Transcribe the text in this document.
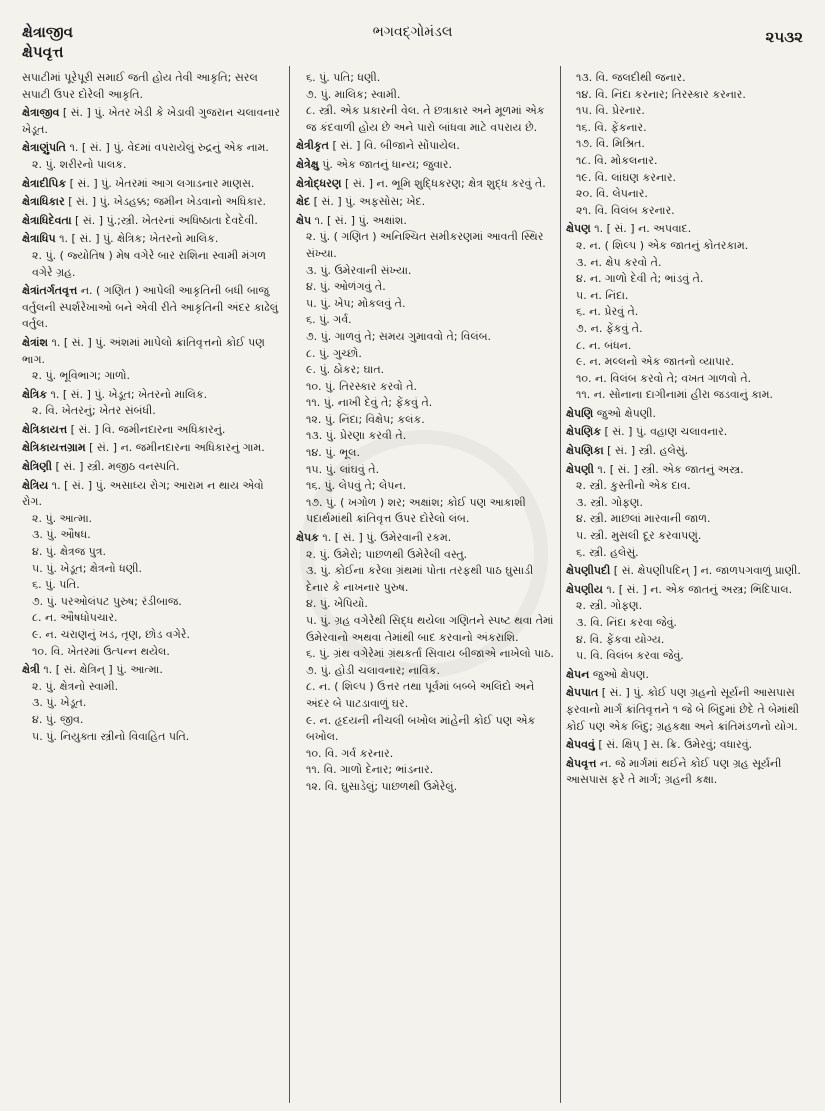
ક્ષેત્રાજીવ
ક્ષેપવૃત્ત
ભગવદ્ગોમંડલ	૨૫૩૨
સપાટીમાં પૂરેપૂરી સમાઈ જતી હોય તેવી આકૃતિ; સરલ સપાટી ઉપર દોરેલી આકૃતિ.
ક્ષેત્રાજીવ [ સં. ] પું. ખેતર ખેડી કે ખેડાવી ગુજરાન ચલાવનાર ખેડૂત.
ક્ષેત્રાણુંપતિ ૧. [ સં. ] પું. વેદમાં વપરાયેલું રુદ્રનું એક નામ.
૨. પું. શરીરનો પાલક.
ક્ષેત્રાદીપિક [ સં. ] પું. ખેતરમાં આગ લગાડનાર માણસ.
ક્ષેત્રાધિકાર [ સં. ] પું. ખેડહક્ક; જમીન ખેડવાનો અધિકાર.
ક્ષેત્રાધિદેવતા [ સં. ] પું.;સ્ત્રી. ખેતરનાં અધિષ્ઠાતા દેવદેવી.
ક્ષેત્રાધિપ ૧. [ સં. ] પું. ક્ષેત્રિક; ખેતરનો માલિક.
૨. પું. ( જ્યોતિષ ) મેષ વગેરે બાર રાશિના સ્વામી મંગળ વગેરે ગ્રહ.
ક્ષેત્રાંતર્ગતવૃત્ત ન. ( ગણિત ) આપેલી આકૃતિની બધી બાજુ વર્તુલની સ્પર્શરેખાઓ બને એવી રીતે આકૃતિની અંદર કાઢેલું વર્તુલ.
ક્ષેત્રાંશ ૧. [ સં. ] પું. અંશમાં માપેલો ક્રાંતિવૃત્તનો કોઈ પણ ભાગ.
૨. પું. ભૂવિભાગ; ગાળો.
ક્ષેત્રિક ૧. [ સં. ] પું. ખેડૂત; ખેતરનો માલિક.
૨. વિ. ખેતરનું; ખેતર સંબંધી.
ક્ષેત્રિકાયત્ત [ સં. ] વિ. જમીનદારના અધિકારનું.
ક્ષેત્રિકાયત્તગ્રામ [ સં. ] ન. જમીનદારના અધિકારનું ગામ.
ક્ષેત્રિણી [ સં. ] સ્ત્રી. મજીઠ વનસ્પતિ.
ક્ષેત્રિય ૧. [ સં. ] પું. અસાધ્ય રોગ; આરામ ન થાય એવો રોગ.
૨. પું. આત્મા.
૩. પું. ઔષધ.
૪. પું. ક્ષેત્રજ પુત્ર.
૫. પું. ખેડૂત; ક્ષેત્રનો ધણી.
૬. પું. પતિ.
૭. પું. પરઓલંપટ પુરુષ; રંડીબાજ.
૮. ન. ઔષધોપચાર.
૯. ન. ચરાણનું ખડ, તૃણ, છોડ વગેરે.
૧૦. વિ. ખેતરમાં ઉત્પન્ન થયેલ.
ક્ષેત્રી ૧. [ સં. ક્ષેત્રિન્ ] પું. આત્મા.
૨. પું. ક્ષેત્રનો સ્વામી.
૩. પું. ખેડૂત.
૪. પું. જીવ.
૫. પું. નિયુક્તા સ્ત્રીનો વિવાહિત પતિ.
૬. પું. પતિ; ધણી.
૭. પું. માલિક; સ્વામી.
૮. સ્ત્રી. એક પ્રકારની વેલ. તે છત્રાકાર અને મૂળમાં એક જ કંદવાળી હોય છે અને પારો બાંધવા માટે વપરાય છે.
ક્ષેત્રીકૃત [ સં. ] વિ. બીજાને સોંપાયેલ.
ક્ષેત્રેક્ષુ પું. એક જાતનું ધાન્ય; જુવાર.
ક્ષેત્રોદ્ધરણ [ સં. ] ન. ભૂમિ શુદ્ધિકરણ; ક્ષેત્ર શુદ્ધ કરવું તે.
ક્ષેદ [ સં. ] પું. અફસોસ; ખેદ.
ક્ષેપ ૧. [ સં. ] પું. અક્ષાંશ.
૨. પું. ( ગણિત ) અનિશ્ચિત સમીકરણમાં આવતી સ્થિર સંખ્યા.
૩. પું. ઉમેરવાની સંખ્યા.
૪. પું. ઓળંગવું તે.
૫. પું. ખેપ; મોકલવું તે.
૬. પું. ગર્વ.
૭. પું. ગાળવું તે; સમય ગુમાવવો તે; વિલંબ.
૮. પું. ગુચ્છો.
૯. પું. ઠોકર; ઘાત.
૧૦. પું. તિરસ્કાર કરવો તે.
૧૧. પું. નાખી દેવું તે; ફેંકવું તે.
૧૨. પું. નિંદા; વિક્ષેપ; કલંક.
૧૩. પું. પ્રેરણા કરવી તે.
૧૪. પું. ભૂલ.
૧૫. પું. લાંઘવું તે.
૧૬. પું. લેપવું તે; લેપન.
૧૭. પું. ( ખગોળ ) શર; અક્ષાંશ; કોઈ પણ આકાશી પદાર્થમાંથી ક્રાંતિવૃત્ત ઉપર દોરેલો લંબ.
ક્ષેપક ૧. [ સં. ] પું. ઉમેરવાની રકમ.
૨. પું. ઉમેરો; પાછળથી ઉમેરેલી વસ્તુ.
૩. પું. કોઈના કરેલા ગ્રંથમાં પોતા તરફથી પાઠ ઘુસાડી દેનાર કે નાખનાર પુરુષ.
૪. પું. ખેપિયો.
૫. પું. ગ્રહ વગેરેથી સિદ્ધ થયેલા ગણિતને સ્પષ્ટ થવા તેમાં ઉમેરવાનો અથવા તેમાંથી બાદ કરવાનો અંકરાશિ.
૬. પું. ગ્રંથ વગેરેમાં ગ્રંથકર્તા સિવાય બીજાએ નાખેલો પાઠ.
૭. પું. હોડી ચલાવનાર; નાવિક.
૮. ન. ( શિલ્પ ) ઉત્તર તથા પૂર્વમાં બબ્બે અલિંદો અને અંદર બે પાટડાવાળું ઘર.
૯. ન. હૃદયની નીચલી બખોલ માંહેની કોઈ પણ એક બખોલ.
૧૦. વિ. ગર્વ કરનાર.
૧૧. વિ. ગાળો દેનાર; ભાંડનાર.
૧૨. વિ. ઘુસાડેલું; પાછળથી ઉમેરેલું.
૧૩. વિ. જલદીથી જનાર.
૧૪. વિ. નિંદા કરનાર; તિરસ્કાર કરનાર.
૧૫. વિ. પ્રેરનાર.
૧૬. વિ. ફેંકનાર.
૧૭. વિ. મિશ્રિત.
૧૮. વિ. મોકલનાર.
૧૯. વિ. લાંઘણ કરનાર.
૨૦. વિ. લેપનાર.
૨૧. વિ. વિલંબ કરનાર.
ક્ષેપણ ૧. [ સં. ] ન. અપવાદ.
૨. ન. ( શિલ્પ ) એક જાતનું કોતરકામ.
૩. ન. ક્ષેપ કરવો તે.
૪. ન. ગાળો દેવી તે; ભાંડવું તે.
૫. ન. નિંદા.
૬. ન. પ્રેરવું તે.
૭. ન. ફેંકવું તે.
૮. ન. બંધન.
૯. ન. મલ્લનો એક જાતનો વ્યાપાર.
૧૦. ન. વિલંબ કરવો તે; વખત ગાળવો તે.
૧૧. ન. સોનાના દાગીનામાં હીરા જડવાનું કામ.
ક્ષેપણિ જુઓ ક્ષેપણી.
ક્ષેપણિક [ સં. ] પું. વહાણ ચલાવનાર.
ક્ષેપણિકા [ સં. ] સ્ત્રી. હલેસું.
ક્ષેપણી ૧. [ સં. ] સ્ત્રી. એક જાતનું અસ્ત્ર.
૨. સ્ત્રી. કુસ્તીનો એક દાવ.
૩. સ્ત્રી. ગોફણ.
૪. સ્ત્રી. માછલાં મારવાની જાળ.
૫. સ્ત્રી. મુસલી દૂર કરવાપણું.
૬. સ્ત્રી. હલેસું.
ક્ષેપણીપદી [ સં. ક્ષેપણીપદિન્ ] ન. જાળપગવાળું પ્રાણી.
ક્ષેપણીય ૧. [ સં. ] ન. એક જાતનું અસ્ત્ર; ભિંદિપાલ.
૨. સ્ત્રી. ગોફણ.
૩. વિ. નિંદા કરવા જેવું.
૪. વિ. ફેંકવા યોગ્ય.
૫. વિ. વિલંબ કરવા જેવું.
ક્ષેપન જુઓ ક્ષેપણ.
ક્ષેપપાત [ સં. ] પું. કોઈ પણ ગ્રહનો સૂર્યની આસપાસ ફરવાનો માર્ગ ક્રાંતિવૃત્તને ૧ જે બે બિંદુમાં છેદે તે બેમાંથી કોઈ પણ એક બિંદુ; ગ્રહકક્ષા અને ક્રાંતિમંડળનો યોગ.
ક્ષેપવવું [ સં. ક્ષિપ્ ] સ. ક્રિ. ઉમેરવું; વધારવું.
ક્ષેપવૃત્ત ન. જે માર્ગમાં થઈને કોઈ પણ ગ્રહ સૂર્યની આસપાસ ફરે તે માર્ગ; ગ્રહની કક્ષા.
